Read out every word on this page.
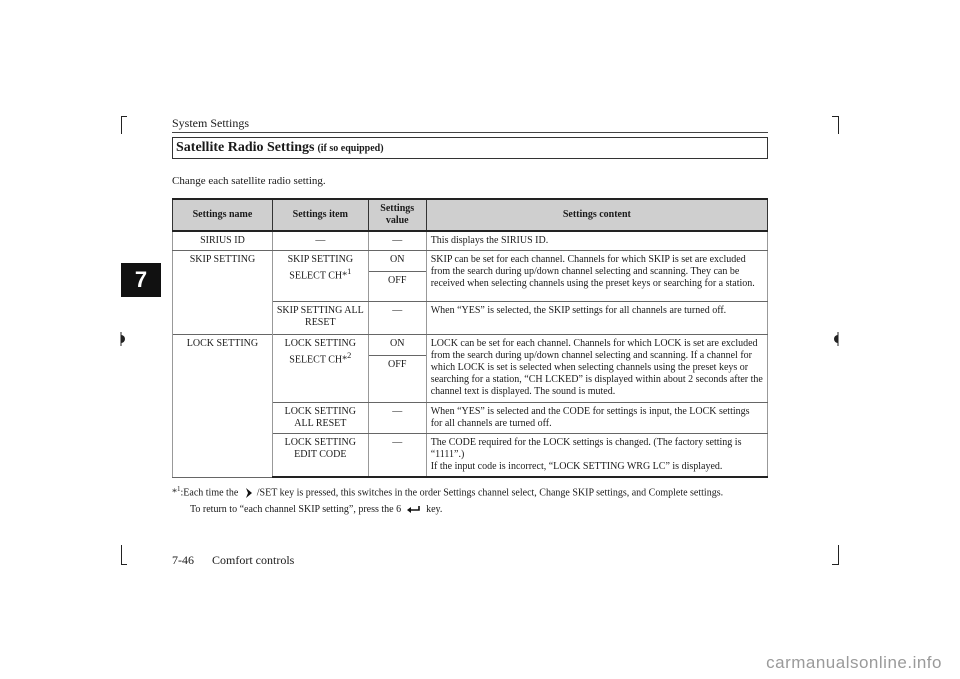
System Settings
7
Satellite Radio Settings (if so equipped)
Change each satellite radio setting.
Settings name	Settings item	Settings value	Settings content
SIRIUS ID	—	—	This displays the SIRIUS ID.
SKIP SETTING	SKIP SETTING SELECT CH*$^1$	ON	SKIP can be set for each channel. Channels for which SKIP is set are excluded from the search during up/down channel selecting and scanning. They can be received when selecting channels using the preset keys or searching for a station.
		OFF	
	SKIP SETTING ALL RESET	—	When “YES” is selected, the SKIP settings for all channels are turned off.
LOCK SETTING	LOCK SETTING SELECT CH*$^2$	ON	LOCK can be set for each channel. Channels for which LOCK is set are excluded from the search during up/down channel selecting and scanning. If a channel for which LOCK is set is selected when selecting channels using the preset keys or searching for a station, “CH LCKED” is displayed within about 2 seconds after the channel text is displayed. The sound is muted.
		OFF	
	LOCK SETTING ALL RESET	—	When “YES” is selected and the CODE for settings is input, the LOCK settings for all channels are turned off.
	LOCK SETTING EDIT CODE	—	The CODE required for the LOCK settings is changed. (The factory setting is “1111”.)
If the input code is incorrect, “LOCK SETTING WRG LC” is displayed.
*$^1$:Each time the /SET key is pressed, this switches in the order Settings channel select, Change SKIP settings, and Complete settings.
To return to “each channel SKIP setting”, press the 6	key.
7-46 Comfort controls
carmanualsonline.info
